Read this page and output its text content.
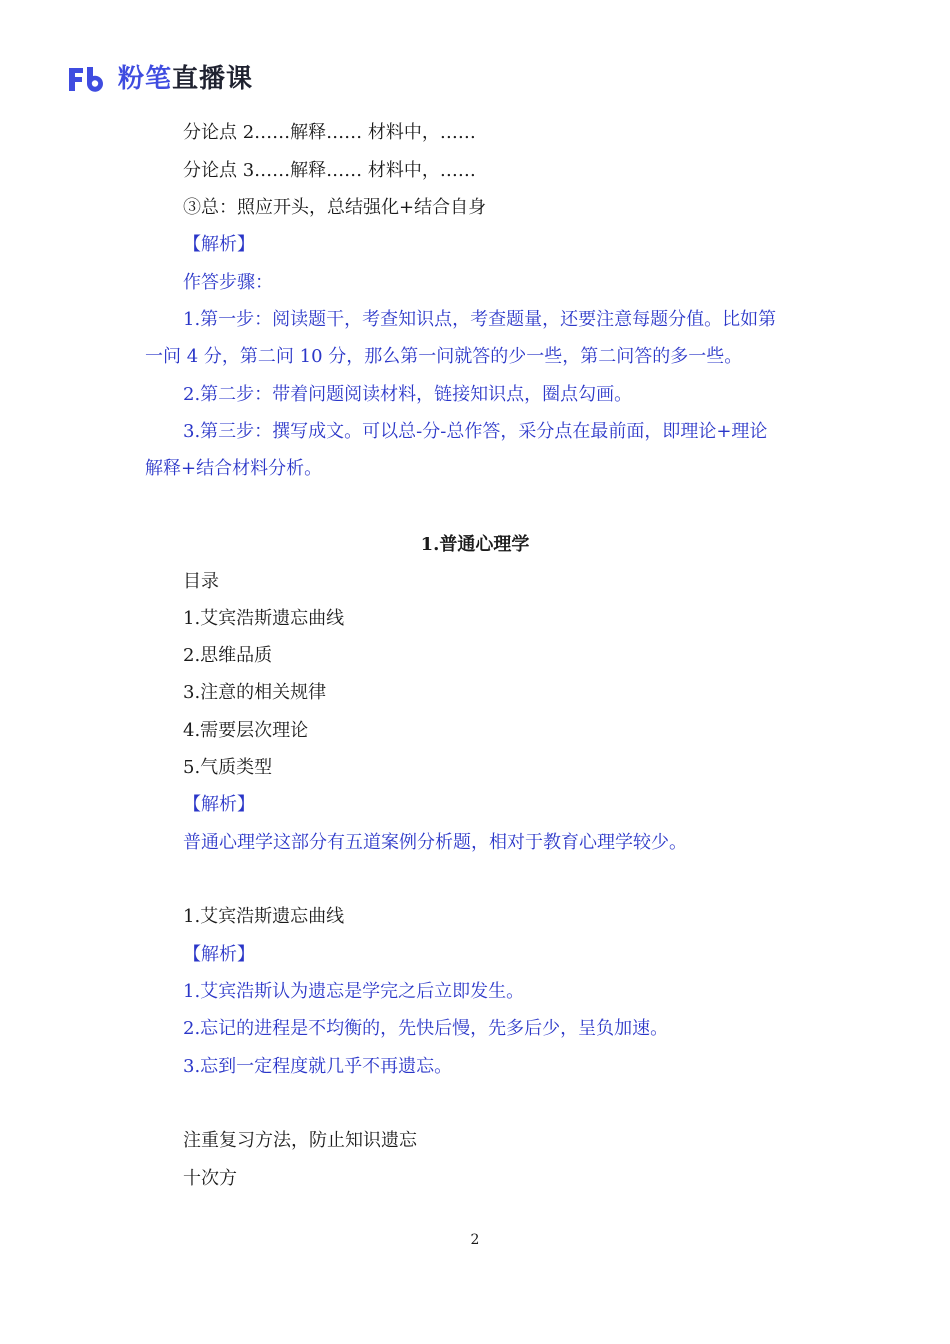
粉笔直播课
分论点 2……解释…… 材料中，……
分论点 3……解释…… 材料中，……
③总：照应开头，总结强化+结合自身
【解析】
作答步骤：
1.第一步：阅读题干，考查知识点，考查题量，还要注意每题分值。比如第
一问 4 分，第二问 10 分，那么第一问就答的少一些，第二问答的多一些。
2.第二步：带着问题阅读材料，链接知识点，圈点勾画。
3.第三步：撰写成文。可以总-分-总作答，采分点在最前面，即理论+理论
解释+结合材料分析。
1.普通心理学
目录
1.艾宾浩斯遗忘曲线
2.思维品质
3.注意的相关规律
4.需要层次理论
5.气质类型
【解析】
普通心理学这部分有五道案例分析题，相对于教育心理学较少。
1.艾宾浩斯遗忘曲线
【解析】
1.艾宾浩斯认为遗忘是学完之后立即发生。
2.忘记的进程是不均衡的，先快后慢，先多后少，呈负加速。
3.忘到一定程度就几乎不再遗忘。
注重复习方法，防止知识遗忘
十次方
2
